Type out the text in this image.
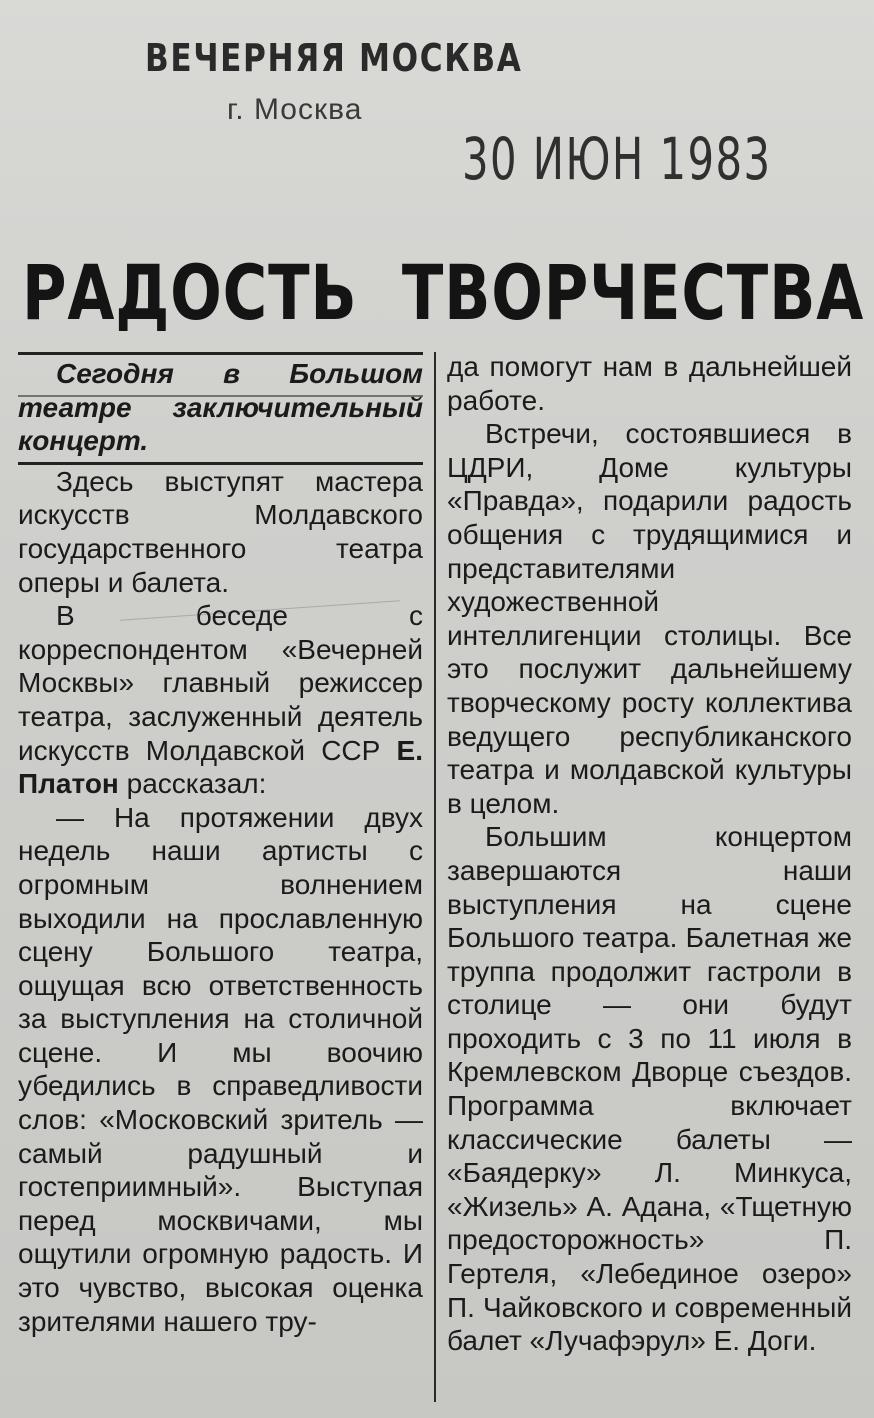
ВЕЧЕРНЯЯ МОСКВА
г. Москва
30 ИЮН 1983
РАДОСТЬ ТВОРЧЕСТВА

Сегодня в Большом театре заключительный концерт.

Здесь выступят мастера искусств Молдавского государственного театра оперы и балета.

В беседе с корреспондентом «Вечерней Москвы» главный режиссер театра, заслуженный деятель искусств Молдавской ССР Е. Платон рассказал:

— На протяжении двух недель наши артисты с огромным волнением выходили на прославленную сцену Большого театра, ощущая всю ответственность за выступления на столичной сцене. И мы воочию убедились в справедливости слов: «Московский зритель — самый радушный и гостеприимный». Выступая перед москвичами, мы ощутили огромную радость. И это чувство, высокая оценка зрителями нашего тру-

да помогут нам в дальнейшей работе.

Встречи, состоявшиеся в ЦДРИ, Доме культуры «Правда», подарили радость общения с трудящимися и представителями художественной интеллигенции столицы. Все это послужит дальнейшему творческому росту коллектива ведущего республиканского театра и молдавской культуры в целом.

Большим концертом завершаются наши выступления на сцене Большого театра. Балетная же труппа продолжит гастроли в столице — они будут проходить с 3 по 11 июля в Кремлевском Дворце съездов. Программа включает классические балеты — «Баядерку» Л. Минкуса, «Жизель» А. Адана, «Тщетную предосторожность» П. Гертеля, «Лебединое озеро» П. Чайковского и современный балет «Лучафэрул» Е. Доги.
